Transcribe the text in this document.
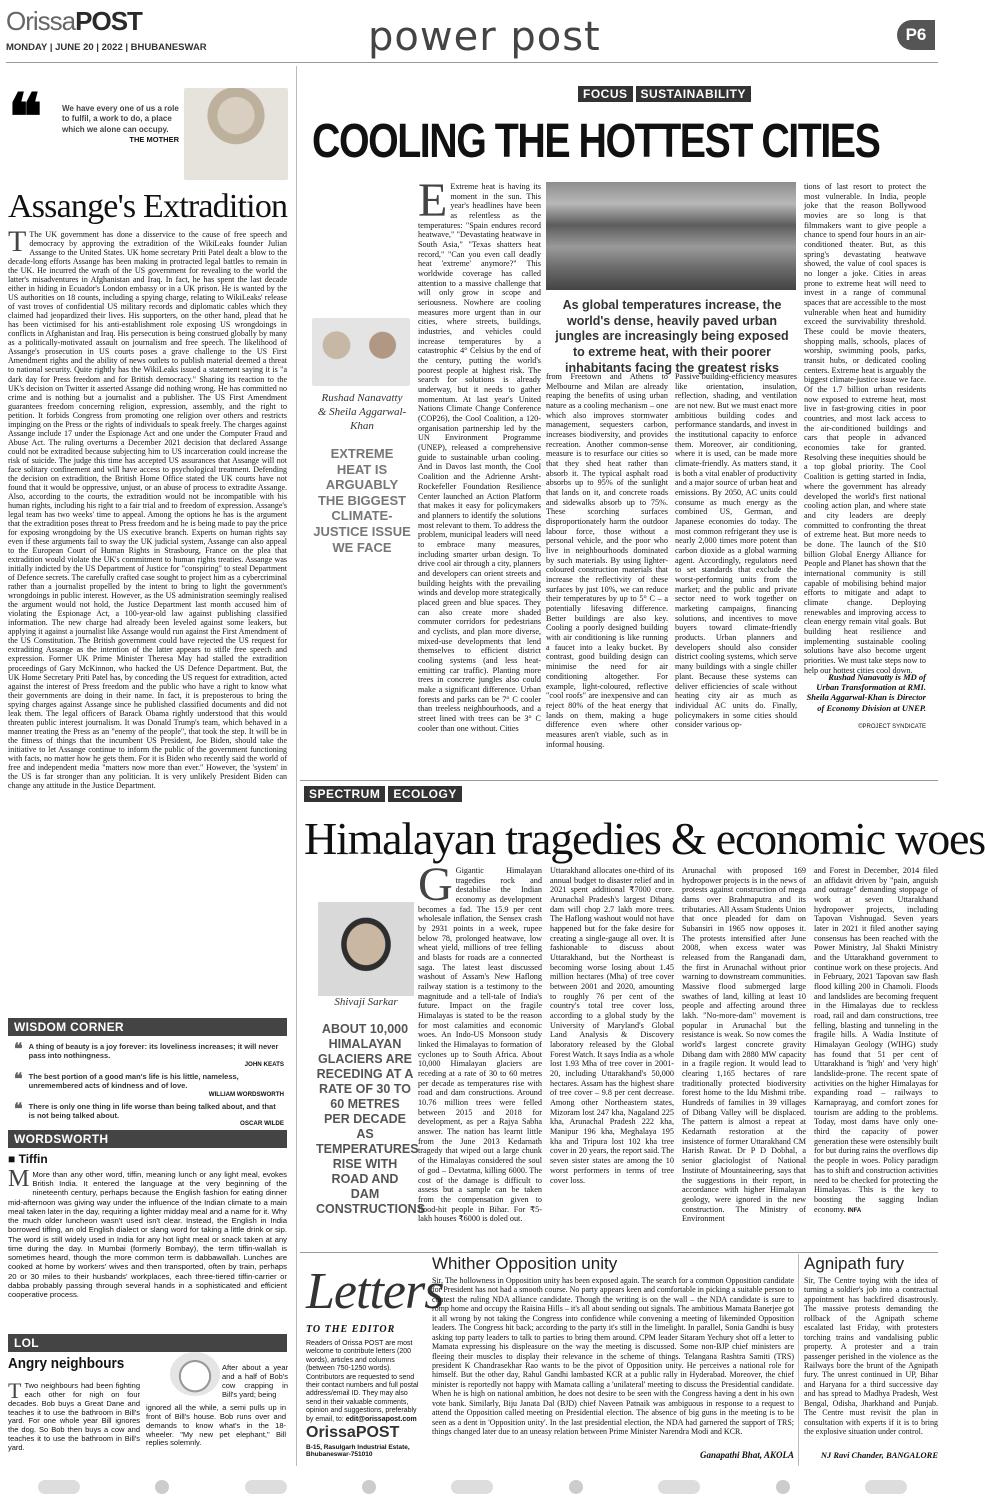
OrissaPOST
MONDAY | JUNE 20 | 2022 | BHUBANESWAR	power post	P6
❝ We have every one of us a role to fulfil, a work to do, a place which we alone can occupy.
THE MOTHER
Assange's Extradition
T The UK government has done a disservice to the cause of free speech and democracy by approving the extradition of the WikiLeaks founder Julian Assange to the United States. UK home secretary Priti Patel dealt a blow to the decade-long efforts Assange has been making in protracted legal battles to remain in the UK. He incurred the wrath of the US government for revealing to the world the latter's misadventures in Afghanistan and Iraq. In fact, he has spent the last decade either in hiding in Ecuador's London embassy or in a UK prison. He is wanted by the US authorities on 18 counts, including a spying charge, relating to WikiLeaks' release of vast troves of confidential US military records and diplomatic cables which they claimed had jeopardized their lives. His supporters, on the other hand, plead that he has been victimised for his anti-establishment role exposing US wrongdoings in conflicts in Afghanistan and Iraq. His persecution is being construed globally by many as a politically-motivated assault on journalism and free speech. The likelihood of Assange's prosecution in US courts poses a grave challenge to the US First Amendment rights and the ability of news outlets to publish material deemed a threat to national security. Quite rightly has the WikiLeaks issued a statement saying it is "a dark day for Press freedom and for British democracy." Sharing its reaction to the UK's decision on Twitter it asserted Assange did nothing wrong. He has committed no crime and is nothing but a journalist and a publisher. The US First Amendment guarantees freedom concerning religion, expression, assembly, and the right to petition. It forbids Congress from promoting one religion over others and restricts impinging on the Press or the rights of individuals to speak freely. The charges against Assange include 17 under the Espionage Act and one under the Computer Fraud and Abuse Act. The ruling overturns a December 2021 decision that declared Assange could not be extradited because subjecting him to US incarceration could increase the risk of suicide. The judge this time has accepted US assurances that Assange will not face solitary confinement and will have access to psychological treatment. Defending the decision on extradition, the British Home Office stated the UK courts have not found that it would be oppressive, unjust, or an abuse of process to extradite Assange. Also, according to the courts, the extradition would not be incompatible with his human rights, including his right to a fair trial and to freedom of expression. Assange's legal team has two weeks' time to appeal. Among the options he has is the argument that the extradition poses threat to Press freedom and he is being made to pay the price for exposing wrongdoing by the US executive branch. Experts on human rights say even if these arguments fail to sway the UK judicial system, Assange can also appeal to the European Court of Human Rights in Strasbourg, France on the plea that extradition would violate the UK's commitment to human rights treaties. Assange was initially indicted by the US Department of Justice for "conspiring" to steal Department of Defence secrets. The carefully crafted case sought to project him as a cybercriminal rather than a journalist propelled by the intent to bring to light the government's wrongdoings in public interest. However, as the US administration seemingly realised the argument would not hold, the Justice Department last month accused him of violating the Espionage Act, a 100-year-old law against publishing classified information. The new charge had already been leveled against some leakers, but applying it against a journalist like Assange would run against the First Amendment of the US Constitution. The British government could have rejected the US request for extraditing Assange as the intention of the latter appears to stifle free speech and expression. Former UK Prime Minister Theresa May had stalled the extradition proceedings of Gary McKinnon, who hacked the US Defence Department. But, the UK Home Secretary Priti Patel has, by conceding the US request for extradition, acted against the interest of Press freedom and the public who have a right to know what their governments are doing in their name. In fact, it is preposterous to bring the spying charges against Assange since he published classified documents and did not leak them. The legal officers of Barack Obama rightly understood that this would threaten public interest journalism. It was Donald Trump's team, which behaved in a manner treating the Press as an "enemy of the people", that took the step. It will be in the fitness of things that the incumbent US President, Joe Biden, should take the initiative to let Assange continue to inform the public of the government functioning with facts, no matter how he gets them. For it is Biden who recently said the world of free and independent media "matters now more than ever." However, the 'system' in the US is far stronger than any politician. It is very unlikely President Biden can change any attitude in the Justice Department.
WISDOM CORNER
❝ A thing of beauty is a joy forever: its loveliness increases; it will never pass into nothingness.
JOHN KEATS
❝ The best portion of a good man's life is his little, nameless, unremembered acts of kindness and of love.
WILLIAM WORDSWORTH
❝ There is only one thing in life worse than being talked about, and that is not being talked about.
OSCAR WILDE
WORDSWORTH
■ Tiffin
M More than any other word, tiffin, meaning lunch or any light meal, evokes British India. It entered the language at the very beginning of the nineteenth century, perhaps because the English fashion for eating dinner mid-afternoon was giving way under the influence of the Indian climate to a main meal taken later in the day, requiring a lighter midday meal and a name for it. Why the much older luncheon wasn't used isn't clear. Instead, the English in India borrowed tiffing, an old English dialect or slang word for taking a little drink or sip. The word is still widely used in India for any hot light meal or snack taken at any time during the day. In Mumbai (formerly Bombay), the term tiffin-wallah is sometimes heard, though the more common term is dabbawallah. Lunches are cooked at home by workers' wives and then transported, often by train, perhaps 20 or 30 miles to their husbands' workplaces, each three-tiered tiffin-carrier or dabba probably passing through several hands in a sophisticated and efficient cooperative process.
LOL
Angry neighbours
T Two neighbours had been fighting each other for nigh on four decades. Bob buys a Great Dane and teaches it to use the bathroom in Bill's yard. For one whole year Bill ignores the dog. So Bob then buys a cow and teaches it to use the bathroom in Bill's yard.
After about a year and a half of Bob's cow crapping in Bill's yard; being
ignored all the while, a semi pulls up in front of Bill's house. Bob runs over and demands to know what's in the 18-wheeler. "My new pet elephant," Bill replies solemnly.
FOCUS	SUSTAINABILITY
COOLING THE HOTTEST CITIES
Rushad Nanavatty & Sheila Aggarwal-Khan
EXTREME HEAT IS ARGUABLY THE BIGGEST CLIMATE-JUSTICE ISSUE WE FACE
E Extreme heat is having its moment in the sun. This year's headlines have been as relentless as the temperatures: "Spain endures record heatwave," "Devastating heatwave in South Asia," "Texas shatters heat record," "Can you even call deadly heat 'extreme' anymore?" This worldwide coverage has called attention to a massive challenge that will only grow in scope and seriousness. Nowhere are cooling measures more urgent than in our cities, where streets, buildings, industries, and vehicles could increase temperatures by a catastrophic 4° Celsius by the end of the century, putting the world's poorest people at highest risk. The search for solutions is already underway, but it needs to gather momentum. At last year's United Nations Climate Change Conference (COP26), the Cool Coalition, a 120-organisation partnership led by the UN Environment Programme (UNEP), released a comprehensive guide to sustainable urban cooling. And in Davos last month, the Cool Coalition and the Adrienne Arsht-Rockefeller Foundation Resilience Center launched an Action Platform that makes it easy for policymakers and planners to identify the solutions most relevant to them. To address the problem, municipal leaders will need to embrace many measures, including smarter urban design. To drive cool air through a city, planners and developers can orient streets and building heights with the prevailing winds and develop more strategically placed green and blue spaces. They can also create more shaded commuter corridors for pedestrians and cyclists, and plan more diverse, mixed-use developments that lend themselves to efficient district cooling systems (and less heat-emitting car traffic). Planting more trees in concrete jungles also could make a significant difference. Urban forests and parks can be 7° C cooler than treeless neighbourhoods, and a street lined with trees can be 3° C cooler than one without. Cities
As global temperatures increase, the world's dense, heavily paved urban jungles are increasingly being exposed to extreme heat, with their poorer inhabitants facing the greatest risks
from Freetown and Athens to Melbourne and Milan are already reaping the benefits of using urban nature as a cooling mechanism – one which also improves stormwater management, sequesters carbon, increases biodiversity, and provides recreation. Another common-sense measure is to resurface our cities so that they shed heat rather than absorb it. The typical asphalt road absorbs up to 95% of the sunlight that lands on it, and concrete roads and sidewalks absorb up to 75%. These scorching surfaces disproportionately harm the outdoor labour force, those without a personal vehicle, and the poor who live in neighbourhoods dominated by such materials. By using lighter-coloured construction materials that increase the reflectivity of these surfaces by just 10%, we can reduce their temperatures by up to 5° C – a potentially lifesaving difference. Better buildings are also key. Cooling a poorly designed building with air conditioning is like running a faucet into a leaky bucket. By contrast, good building design can minimise the need for air conditioning altogether. For example, light-coloured, reflective "cool roofs" are inexpensive and can reject 80% of the heat energy that lands on them, making a huge difference even where other measures aren't viable, such as in informal housing.
Passive building-efficiency measures like orientation, insulation, reflection, shading, and ventilation are not new. But we must enact more ambitious building codes and performance standards, and invest in the institutional capacity to enforce them. Moreover, air conditioning, where it is used, can be made more climate-friendly. As matters stand, it is both a vital enabler of productivity and a major source of urban heat and emissions. By 2050, AC units could consume as much energy as the combined US, German, and Japanese economies do today. The most common refrigerant they use is nearly 2,000 times more potent than carbon dioxide as a global warming agent. Accordingly, regulators need to set standards that exclude the worst-performing units from the market; and the public and private sector need to work together on marketing campaigns, financing solutions, and incentives to move buyers toward climate-friendly products. Urban planners and developers should also consider district cooling systems, which serve many buildings with a single chiller plant. Because these systems can deliver efficiencies of scale without heating city air as much as individual AC units do. Finally, policymakers in some cities should consider various op-
tions of last resort to protect the most vulnerable. In India, people joke that the reason Bollywood movies are so long is that filmmakers want to give people a chance to spend four hours in an air-conditioned theater. But, as this spring's devastating heatwave showed, the value of cool spaces is no longer a joke. Cities in areas prone to extreme heat will need to invest in a range of communal spaces that are accessible to the most vulnerable when heat and humidity exceed the survivability threshold. These could be movie theaters, shopping malls, schools, places of worship, swimming pools, parks, transit hubs, or dedicated cooling centers. Extreme heat is arguably the biggest climate-justice issue we face. Of the 1.7 billion urban residents now exposed to extreme heat, most live in fast-growing cities in poor countries, and most lack access to the air-conditioned buildings and cars that people in advanced economies take for granted. Resolving these inequities should be a top global priority. The Cool Coalition is getting started in India, where the government has already developed the world's first national cooling action plan, and where state and city leaders are deeply committed to confronting the threat of extreme heat. But more needs to be done. The launch of the $10 billion Global Energy Alliance for People and Planet has shown that the international community is still capable of mobilising behind major efforts to mitigate and adapt to climate change. Deploying renewables and improving access to clean energy remain vital goals. But building heat resilience and implementing sustainable cooling solutions have also become urgent priorities. We must take steps now to help our hottest cities cool down.
Rushad Nanavatty is MD of Urban Transformation at RMI. Sheila Aggarwal-Khan is Director of Economy Division at UNEP.
©PROJECT SYNDICATE
SPECTRUM	ECOLOGY
Himalayan tragedies & economic woes
Shivaji Sarkar
ABOUT 10,000 HIMALAYAN GLACIERS ARE RECEDING AT A RATE OF 30 TO 60 METRES PER DECADE AS TEMPERATURES RISE WITH ROAD AND DAM CONSTRUCTIONS
G Gigantic Himalayan tragedies rock and destabilise the Indian economy as development becomes a fad. The 15.9 per cent wholesale inflation, the Sensex crash by 2931 points in a week, rupee below 78, prolonged heatwave, low wheat yield, millions of tree felling and blasts for roads are a connected saga. The latest least discussed washout of Assam's New Haflong railway station is a testimony to the magnitude and a tell-tale of India's future. Impact on the fragile Himalayas is stated to be the reason for most calamities and economic woes. An Indo-US Monsoon study linked the Himalayas to formation of cyclones up to South Africa. About 10,000 Himalayan glaciers are receding at a rate of 30 to 60 metres per decade as temperatures rise with road and dam constructions. Around 10.76 million trees were felled between 2015 and 2018 for development, as per a Rajya Sabha answer. The nation has learnt little from the June 2013 Kedarnath tragedy that wiped out a large chunk of the Himalayas considered the soul of god – Devtatma, killing 6000. The cost of the damage is difficult to assess but a sample can be taken from the compensation given to flood-hit people in Bihar. For ₹5-lakh houses ₹6000 is doled out.
Uttarakhand allocates one-third of its annual budget to disaster relief and in 2021 spent additional ₹7000 crore. Arunachal Pradesh's largest Dibang dam will chop 2.7 lakh more trees. The Haflong washout would not have happened but for the fake desire for creating a single-gauge all over. It is fashionable to discuss about Uttarakhand, but the Northeast is becoming worse losing about 1.45 million hectares (Mha) of tree cover between 2001 and 2020, amounting to roughly 76 per cent of the country's total tree cover loss, according to a global study by the University of Maryland's Global Land Analysis & Discovery laboratory released by the Global Forest Watch. It says India as a whole lost 1.93 Mha of tree cover in 2001-20, including Uttarakhand's 50,000 hectares. Assam has the highest share of tree cover – 9.8 per cent decrease. Among other Northeastern states, Mizoram lost 247 kha, Nagaland 225 kha, Arunachal Pradesh 222 kha, Manipur 196 kha, Meghalaya 195 kha and Tripura lost 102 kha tree cover in 20 years, the report said. The seven sister states are among the 10 worst performers in terms of tree cover loss.
Arunachal with proposed 169 hydropower projects is in the news of protests against construction of mega dams over Brahmaputra and its tributaries. All Assam Students Union that once pleaded for dam on Subansiri in 1965 now opposes it. The protests intensified after June 2008, when excess water was released from the Ranganadi dam, the first in Arunachal without prior warning to downstream communities. Massive flood submerged large swathes of land, killing at least 10 people and affecting around three lakh. "No-more-dam" movement is popular in Arunachal but the resistance is weak. So now comes the world's largest concrete gravity Dibang dam with 2880 MW capacity in a fragile region. It would lead to clearing 1,165 hectares of rare traditionally protected biodiversity forest home to the Idu Mishmi tribe. Hundreds of families in 39 villages of Dibang Valley will be displaced. The pattern is almost a repeat at Kedarnath restoration at the insistence of former Uttarakhand CM Harish Rawat. Dr P D Dobhal, a senior glaciologist of National Institute of Mountaineering, says that the suggestions in their report, in accordance with higher Himalayan geology, were ignored in the new construction. The Ministry of Environment
and Forest in December, 2014 filed an affidavit driven by "pain, anguish and outrage" demanding stoppage of work at seven Uttarakhand hydropower projects, including Tapovan Vishnugad. Seven years later in 2021 it filed another saying consensus has been reached with the Power Ministry, Jal Shakti Ministry and the Uttarakhand government to continue work on these projects. And in February, 2021 Tapovan saw flash flood killing 200 in Chamoli. Floods and landslides are becoming frequent in the Himalayas due to reckless road, rail and dam constructions, tree felling, blasting and tunneling in the fragile hills. A Wadia Institute of Himalayan Geology (WIHG) study has found that 51 per cent of Uttarakhand is 'high' and 'very high' landslide-prone. The recent spate of activities on the higher Himalayas for expanding road – railways to Karnaprayag, and comfort zones for tourism are adding to the problems. Today, most dams have only one-third the capacity of power generation these were ostensibly built for but during rains the overflows dip the people in woes. Policy paradigm has to shift and construction activities need to be checked for protecting the Himalayas. This is the key to boosting the sagging Indian economy. INFA
Letters
TO THE EDITOR
Readers of Orissa POST are most welcome to contribute letters (200 words), articles and columns (between 750-1250 words). Contributors are requested to send their contact numbers and full postal address/email ID. They may also send in their valuable comments, opinion and suggestions, preferably by email, to: edit@orissapost.com
OrissaPOST
B-15, Rasulgarh Industrial Estate, Bhubaneswar-751010
Whither Opposition unity
Sir, The hollowness in Opposition unity has been exposed again. The search for a common Opposition candidate for President has not had a smooth course. No party appears keen and comfortable in picking a suitable person to contest the ruling NDA alliance candidate. Though the writing is on the wall – the NDA candidate is sure to romp home and occupy the Raisina Hills – it's all about sending out signals. The ambitious Mamata Banerjee got it all wrong by not taking the Congress into confidence while convening a meeting of likeminded Opposition leaders. The Congress hit back; according to the party it's still in the limelight. In parallel, Sonia Gandhi is busy asking top party leaders to talk to parties to bring them around. CPM leader Sitaram Yechury shot off a letter to Mamata expressing his displeasure on the way the meeting is discussed. Some non-BJP chief ministers are fleeing their muscles to display their relevance in the scheme of things. Telangana Rashtra Samiti (TRS) president K Chandrasekhar Rao wants to be the pivot of Opposition unity. He perceives a national role for himself. But the other day, Rahul Gandhi lambasted KCR at a public rally in Hyderabad. Moreover, the chief minister is reportedly not happy with Mamata calling a 'unilateral' meeting to discuss the Presidential candidate. When he is high on national ambition, he does not desire to be seen with the Congress having a dent in his own vote bank. Similarly, Biju Janata Dal (BJD) chief Naveen Patnaik was ambiguous in response to a request to attend the Opposition called meeting on Presidential election. The absence of big guns in the meeting is to be seen as a dent in 'Opposition unity'. In the last presidential election, the NDA had garnered the support of TRS; things changed later due to an uneasy relation between Prime Minister Narendra Modi and KCR.
Ganapathi Bhat, AKOLA
Agnipath fury
Sir, The Centre toying with the idea of turning a soldier's job into a contractual appointment has backfired disastrously. The massive protests demanding the rollback of the Agnipath scheme escalated last Friday, with protesters torching trains and vandalising public property. A protester and a train passenger perished in the violence as the Railways bore the brunt of the Agnipath fury. The unrest continued in UP, Bihar and Haryana for a third successive day and has spread to Madhya Pradesh, West Bengal, Odisha, Jharkhand and Punjab. The Centre must revisit the plan in consultation with experts if it is to bring the explosive situation under control.
NJ Ravi Chander, BANGALORE
